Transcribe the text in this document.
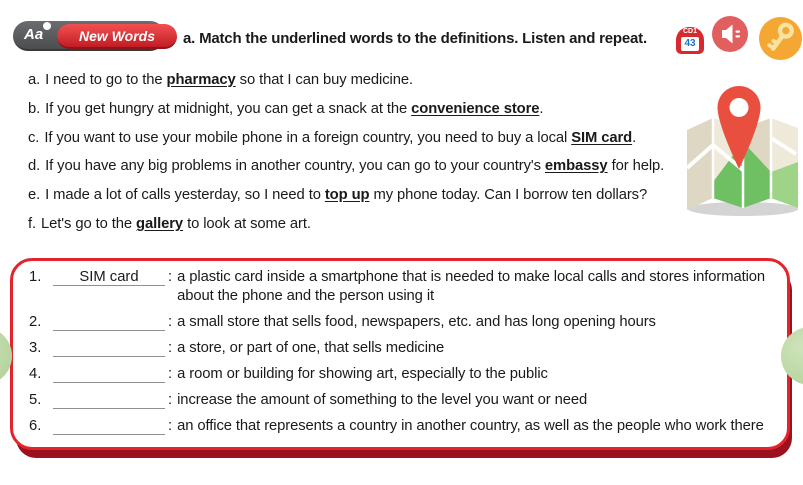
Aa	New Words	a. Match the underlined words to the definitions. Listen and repeat.	CD1
43
a. I need to go to the pharmacy so that I can buy medicine.
b. If you get hungry at midnight, you can get a snack at the convenience store.
c. If you want to use your mobile phone in a foreign country, you need to buy a local SIM card.
d. If you have any big problems in another country, you can go to your country's embassy for help.
e. I made a lot of calls yesterday, so I need to top up my phone today. Can I borrow ten dollars?
f. Let's go to the gallery to look at some art.
1.	SIM card	: a plastic card inside a smartphone that is needed to make local calls and stores information about the phone and the person using it
2.	: a small store that sells food, newspapers, etc. and has long opening hours
3.	: a store, or part of one, that sells medicine
4.	: a room or building for showing art, especially to the public
5.	: increase the amount of something to the level you want or need
6.	: an office that represents a country in another country, as well as the people who work there
